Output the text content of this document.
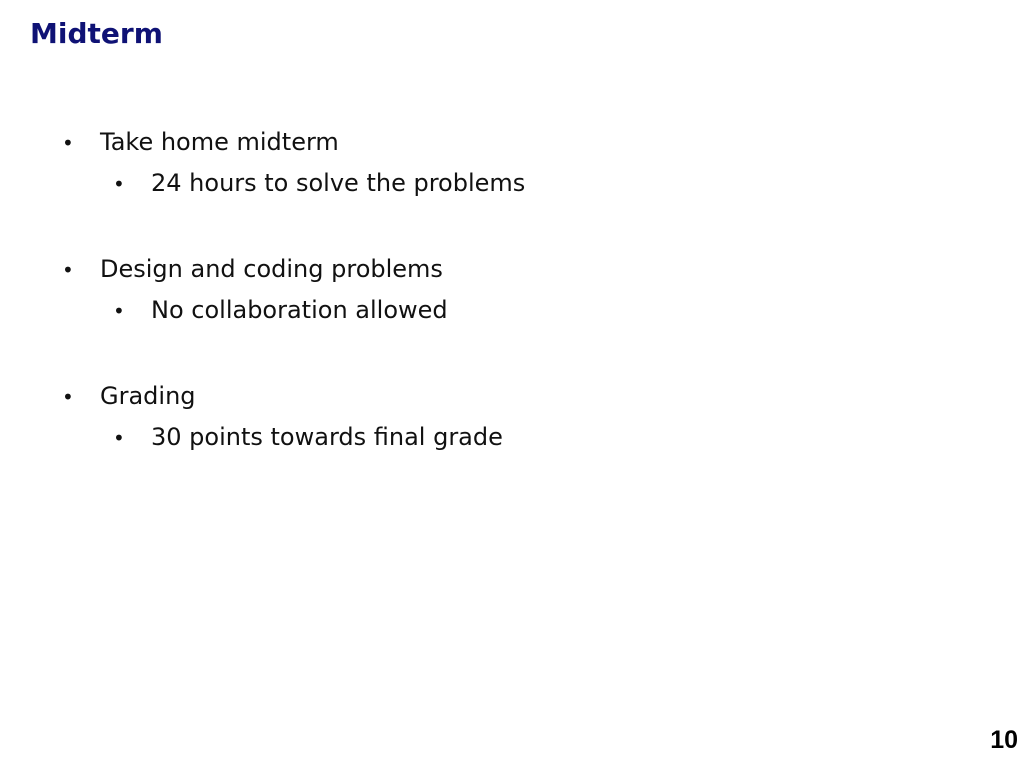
Midterm
•	Take home midterm
•	24 hours to solve the problems
•	Design and coding problems
•	No collaboration allowed
•	Grading
•	30 points towards final grade

10
